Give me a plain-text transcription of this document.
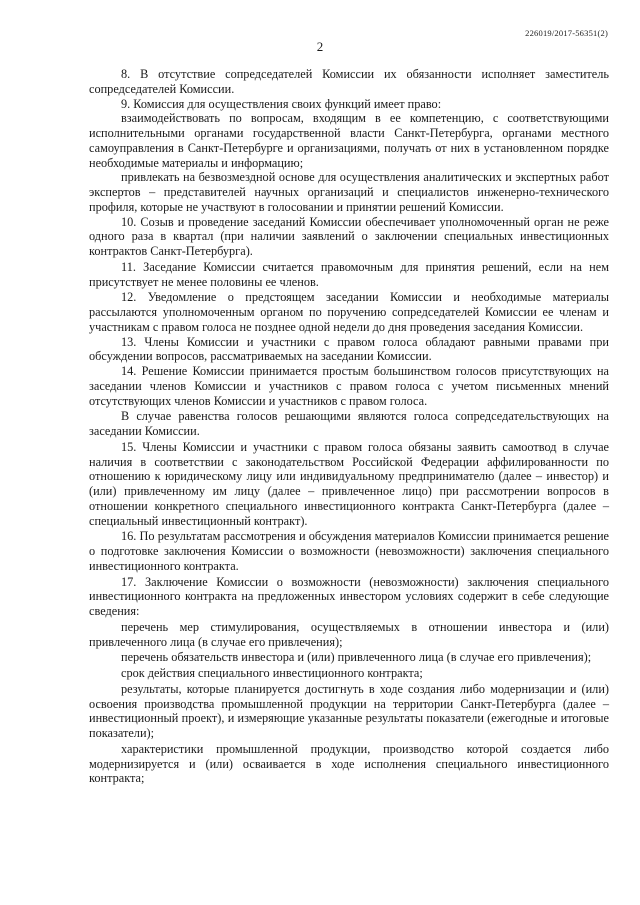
226019/2017-56351(2)
2

8. В отсутствие сопредседателей Комиссии их обязанности исполняет заместитель сопредседателей Комиссии.

9. Комиссия для осуществления своих функций имеет право:

взаимодействовать по вопросам, входящим в ее компетенцию, с соответствующими исполнительными органами государственной власти Санкт-Петербурга, органами местного самоуправления в Санкт-Петербурге и организациями, получать от них в установленном порядке необходимые материалы и информацию;

привлекать на безвозмездной основе для осуществления аналитических и экспертных работ экспертов – представителей научных организаций и специалистов инженерно-технического профиля, которые не участвуют в голосовании и принятии решений Комиссии.

10. Созыв и проведение заседаний Комиссии обеспечивает уполномоченный орган не реже одного раза в квартал (при наличии заявлений о заключении специальных инвестиционных контрактов Санкт-Петербурга).

11. Заседание Комиссии считается правомочным для принятия решений, если на нем присутствует не менее половины ее членов.

12. Уведомление о предстоящем заседании Комиссии и необходимые материалы рассылаются уполномоченным органом по поручению сопредседателей Комиссии ее членам и участникам с правом голоса не позднее одной недели до дня проведения заседания Комиссии.

13. Члены Комиссии и участники с правом голоса обладают равными правами при обсуждении вопросов, рассматриваемых на заседании Комиссии.

14. Решение Комиссии принимается простым большинством голосов присутствующих на заседании членов Комиссии и участников с правом голоса с учетом письменных мнений отсутствующих членов Комиссии и участников с правом голоса.

В случае равенства голосов решающими являются голоса сопредседательствующих на заседании Комиссии.

15. Члены Комиссии и участники с правом голоса обязаны заявить самоотвод в случае наличия в соответствии с законодательством Российской Федерации аффилированности по отношению к юридическому лицу или индивидуальному предпринимателю (далее – инвестор) и (или) привлеченному им лицу (далее – привлеченное лицо) при рассмотрении вопросов в отношении конкретного специального инвестиционного контракта Санкт-Петербурга (далее – специальный инвестиционный контракт).

16. По результатам рассмотрения и обсуждения материалов Комиссии принимается решение о подготовке заключения Комиссии о возможности (невозможности) заключения специального инвестиционного контракта.

17. Заключение Комиссии о возможности (невозможности) заключения специального инвестиционного контракта на предложенных инвестором условиях содержит в себе следующие сведения:

перечень мер стимулирования, осуществляемых в отношении инвестора и (или) привлеченного лица (в случае его привлечения);

перечень обязательств инвестора и (или) привлеченного лица (в случае его привлечения);

срок действия специального инвестиционного контракта;

результаты, которые планируется достигнуть в ходе создания либо модернизации и (или) освоения производства промышленной продукции на территории Санкт-Петербурга (далее – инвестиционный проект), и измеряющие указанные результаты показатели (ежегодные и итоговые показатели);

характеристики промышленной продукции, производство которой создается либо модернизируется и (или) осваивается в ходе исполнения специального инвестиционного контракта;
